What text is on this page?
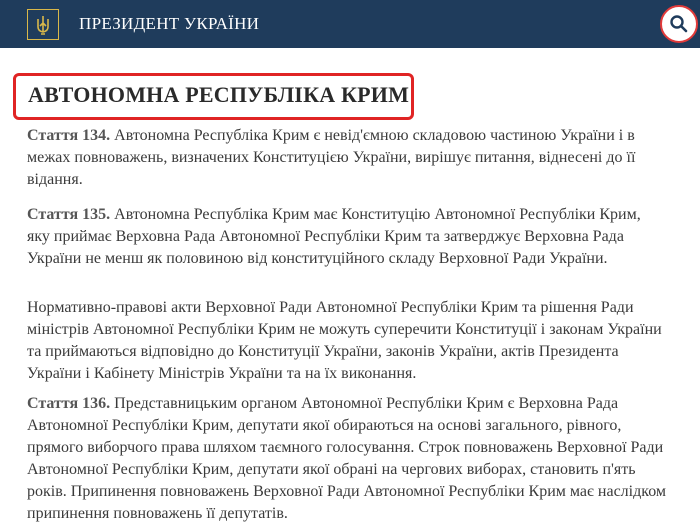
ПРЕЗИДЕНТ УКРАЇНИ
АВТОНОМНА РЕСПУБЛІКА КРИМ
Стаття 134. Автономна Республіка Крим є невід'ємною складовою частиною України і в межах повноважень, визначених Конституцією України, вирішує питання, віднесені до її відання.
Стаття 135. Автономна Республіка Крим має Конституцію Автономної Республіки Крим, яку приймає Верховна Рада Автономної Республіки Крим та затверджує Верховна Рада України не менш як половиною від конституційного складу Верховної Ради України.
Нормативно-правові акти Верховної Ради Автономної Республіки Крим та рішення Ради міністрів Автономної Республіки Крим не можуть суперечити Конституції і законам України та приймаються відповідно до Конституції України, законів України, актів Президента України і Кабінету Міністрів України та на їх виконання.
Стаття 136. Представницьким органом Автономної Республіки Крим є Верховна Рада Автономної Республіки Крим, депутати якої обираються на основі загального, рівного, прямого виборчого права шляхом таємного голосування. Строк повноважень Верховної Ради Автономної Республіки Крим, депутати якої обрані на чергових виборах, становить п'ять років. Припинення повноважень Верховної Ради Автономної Республіки Крим має наслідком припинення повноважень її депутатів.
